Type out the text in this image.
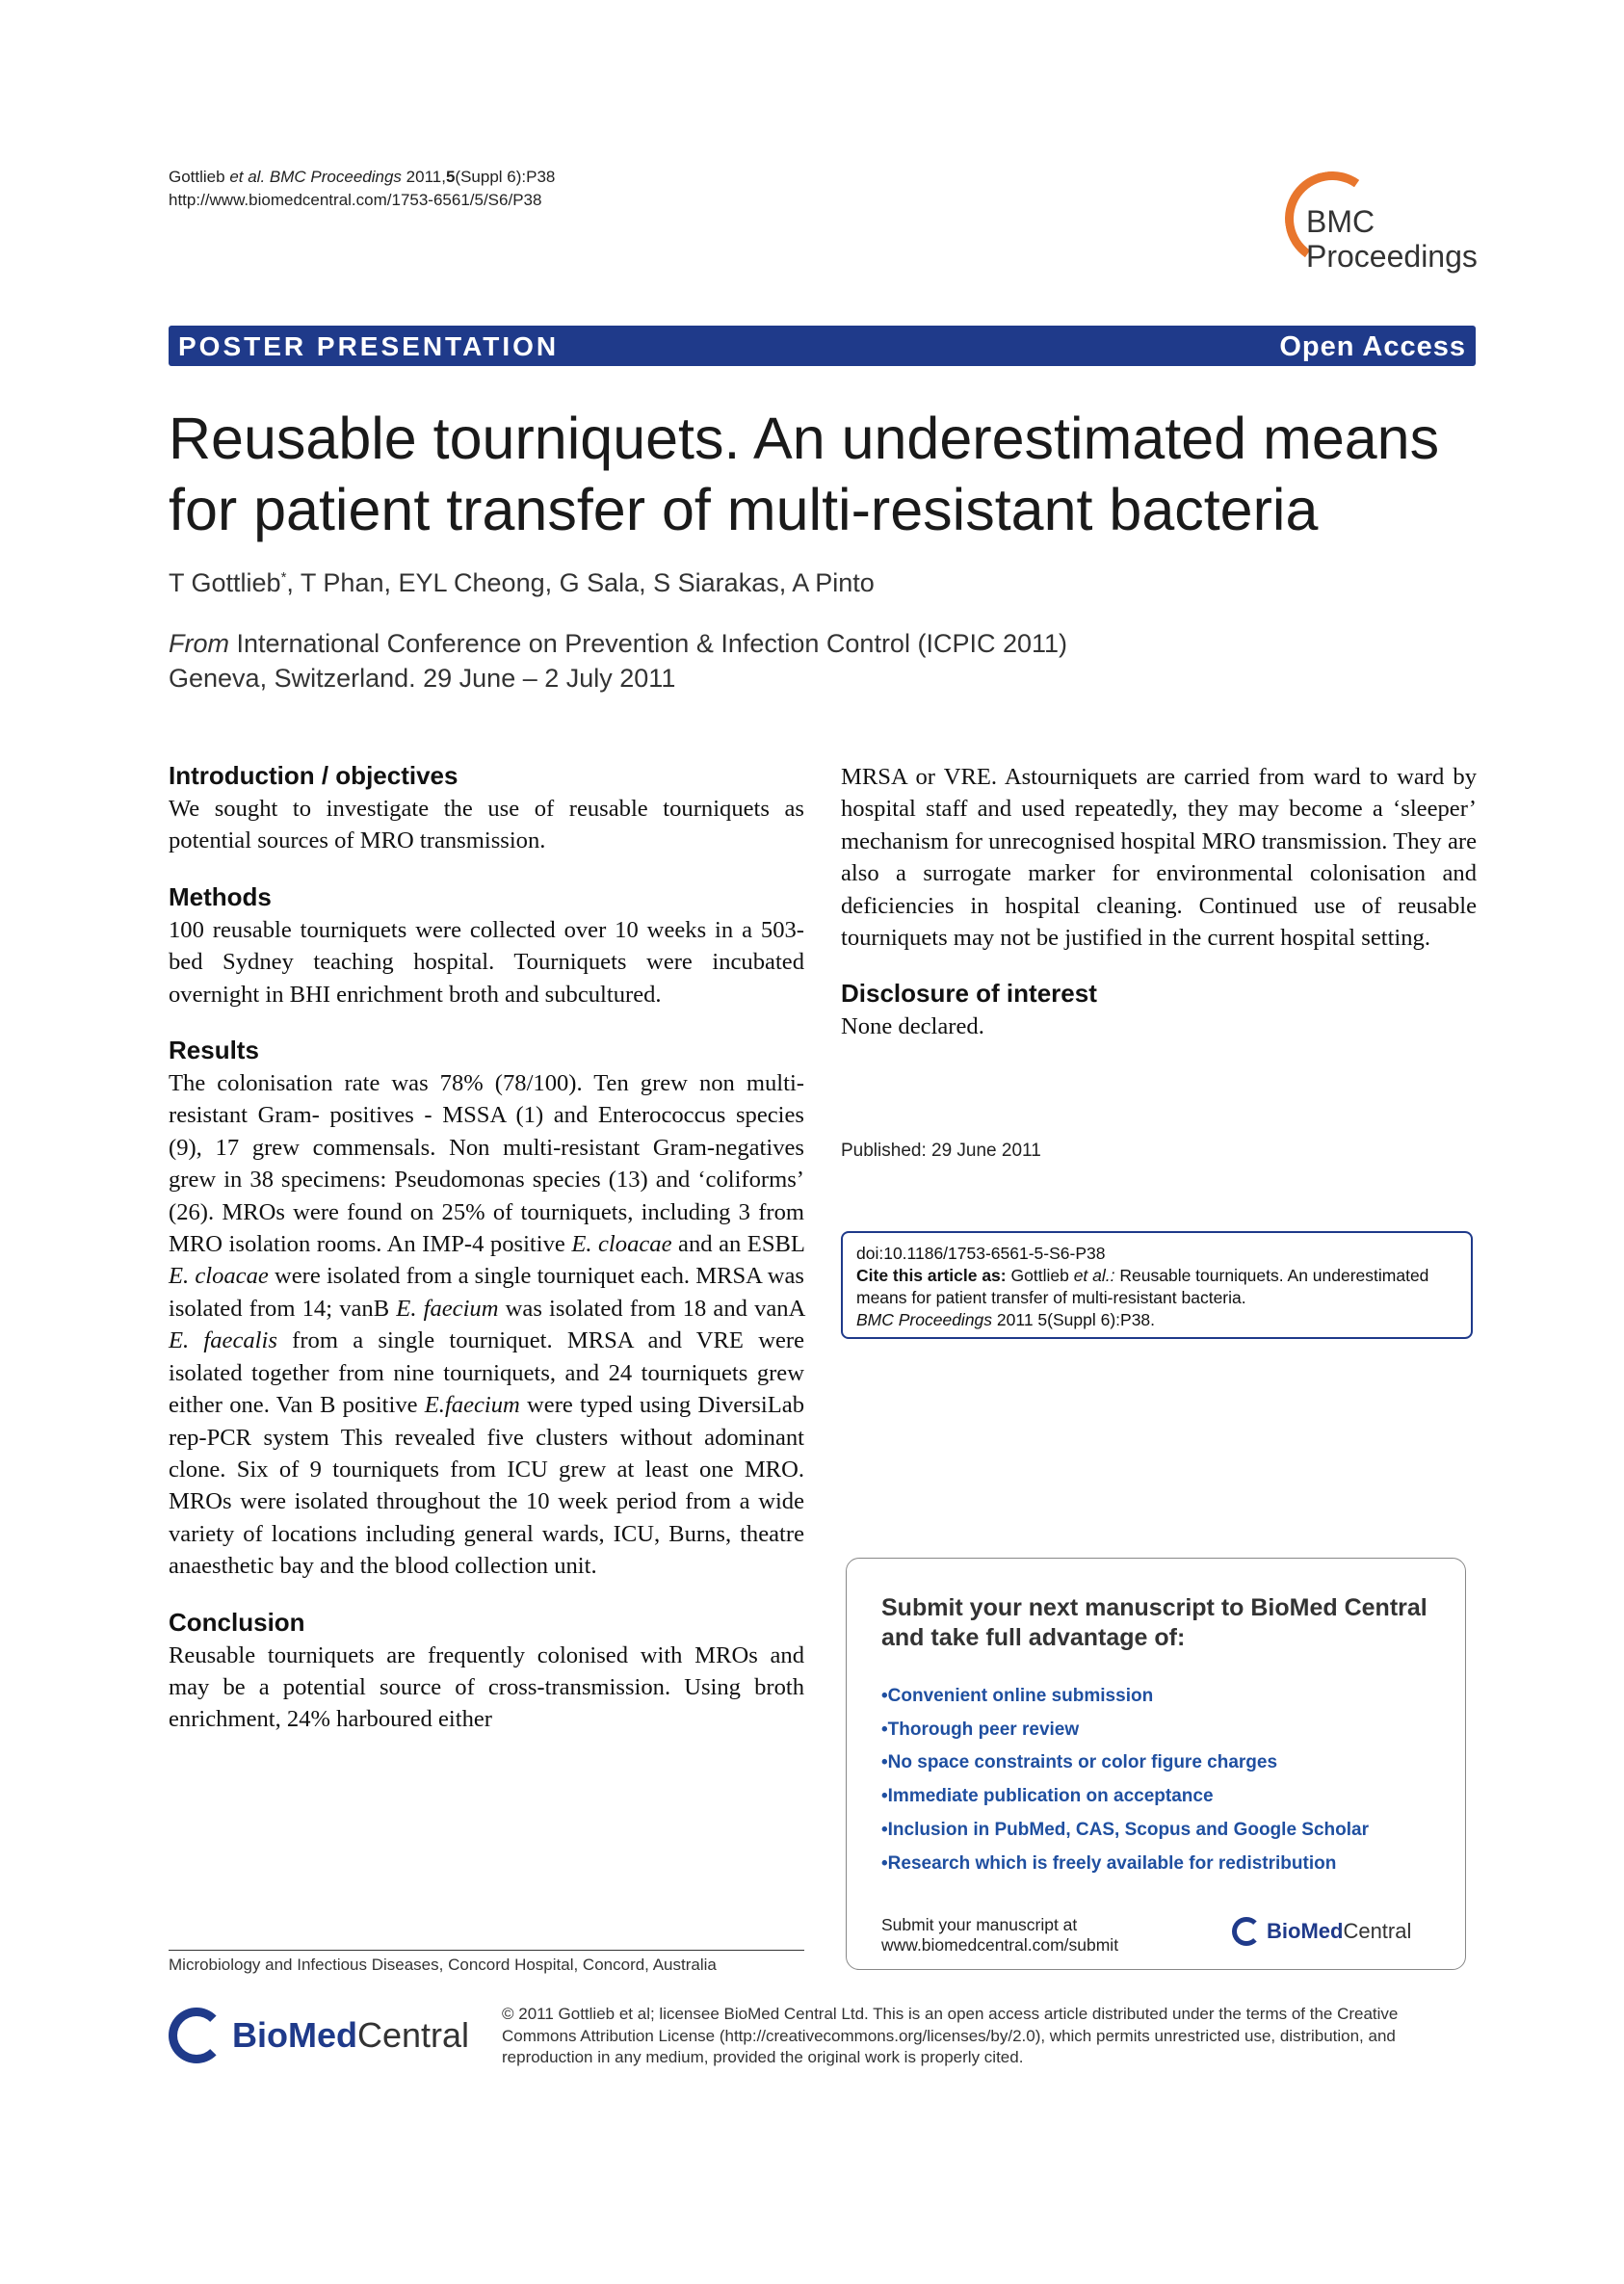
Gottlieb et al. BMC Proceedings 2011,5(Suppl 6):P38
http://www.biomedcentral.com/1753-6561/5/S6/P38
BMC
Proceedings
POSTER PRESENTATION	Open Access
Reusable tourniquets. An underestimated means for patient transfer of multi-resistant bacteria
T Gottlieb*, T Phan, EYL Cheong, G Sala, S Siarakas, A Pinto
From International Conference on Prevention & Infection Control (ICPIC 2011)
Geneva, Switzerland. 29 June – 2 July 2011
Introduction / objectives

We sought to investigate the use of reusable tourniquets as potential sources of MRO transmission.

Methods

100 reusable tourniquets were collected over 10 weeks in a 503-bed Sydney teaching hospital. Tourniquets were incubated overnight in BHI enrichment broth and subcultured.

Results

The colonisation rate was 78% (78/100). Ten grew non multi-resistant Gram- positives - MSSA (1) and Enterococcus species (9), 17 grew commensals. Non multi-resistant Gram-negatives grew in 38 specimens: Pseudomonas species (13) and ‘coliforms’ (26). MROs were found on 25% of tourniquets, including 3 from MRO isolation rooms. An IMP-4 positive E. cloacae and an ESBL E. cloacae were isolated from a single tourniquet each. MRSA was isolated from 14; vanB E. faecium was isolated from 18 and vanA E. faecalis from a single tourniquet. MRSA and VRE were isolated together from nine tourniquets, and 24 tourniquets grew either one. Van B positive E.faecium were typed using DiversiLab rep-PCR system This revealed five clusters without adominant clone. Six of 9 tourniquets from ICU grew at least one MRO. MROs were isolated throughout the 10 week period from a wide variety of locations including general wards, ICU, Burns, theatre anaesthetic bay and the blood collection unit.

Conclusion

Reusable tourniquets are frequently colonised with MROs and may be a potential source of cross-transmission. Using broth enrichment, 24% harboured either

MRSA or VRE. Astourniquets are carried from ward to ward by hospital staff and used repeatedly, they may become a ‘sleeper’ mechanism for unrecognised hospital MRO transmission. They are also a surrogate marker for environmental colonisation and deficiencies in hospital cleaning. Continued use of reusable tourniquets may not be justified in the current hospital setting.

Disclosure of interest

None declared.

Published: 29 June 2011
doi:10.1186/1753-6561-5-S6-P38
Cite this article as: Gottlieb et al.: Reusable tourniquets. An underestimated means for patient transfer of multi-resistant bacteria.
BMC Proceedings 2011 5(Suppl 6):P38.
Submit your next manuscript to BioMed Central and take full advantage of:
• Convenient online submission
• Thorough peer review
• No space constraints or color figure charges
• Immediate publication on acceptance
• Inclusion in PubMed, CAS, Scopus and Google Scholar
• Research which is freely available for redistribution
Submit your manuscript at
www.biomedcentral.com/submit
BioMedCentral
Microbiology and Infectious Diseases, Concord Hospital, Concord, Australia
BioMedCentral
© 2011 Gottlieb et al; licensee BioMed Central Ltd. This is an open access article distributed under the terms of the Creative Commons Attribution License (http://creativecommons.org/licenses/by/2.0), which permits unrestricted use, distribution, and reproduction in any medium, provided the original work is properly cited.
